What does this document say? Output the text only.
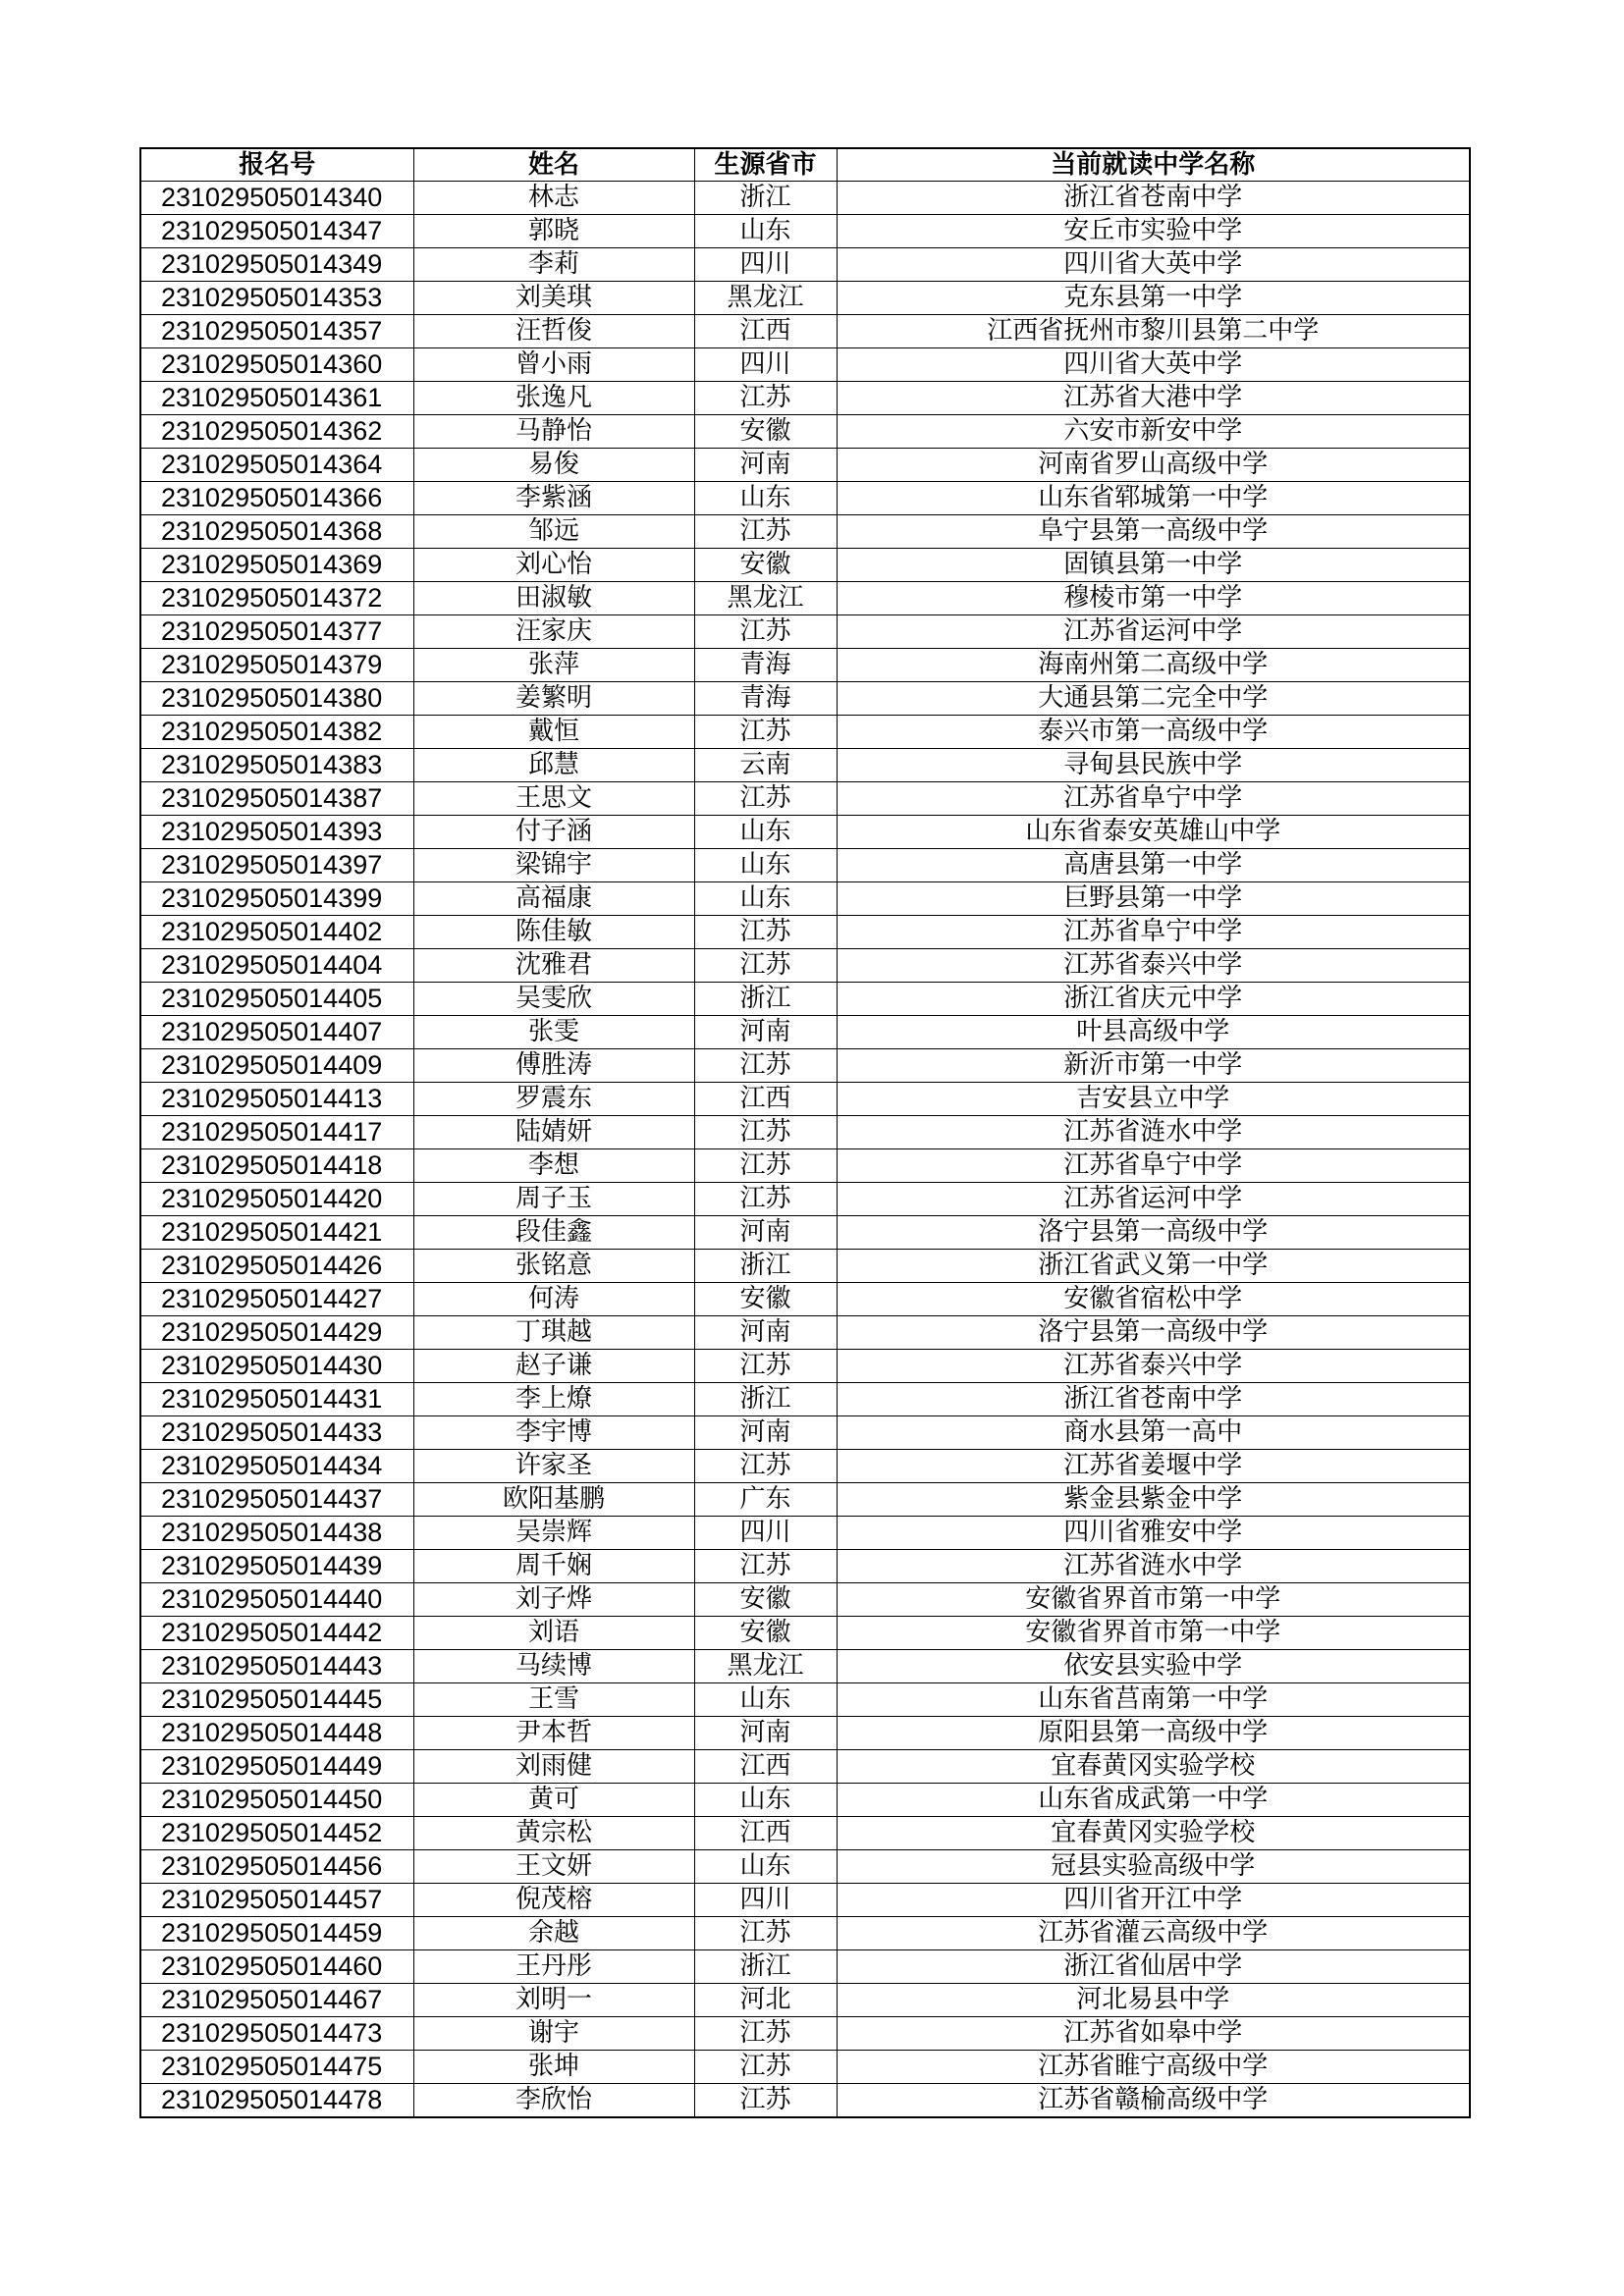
报名号	姓名	生源省市	当前就读中学名称
231029505014340	林志	浙江	浙江省苍南中学
231029505014347	郭晓	山东	安丘市实验中学
231029505014349	李莉	四川	四川省大英中学
231029505014353	刘美琪	黑龙江	克东县第一中学
231029505014357	汪哲俊	江西	江西省抚州市黎川县第二中学
231029505014360	曾小雨	四川	四川省大英中学
231029505014361	张逸凡	江苏	江苏省大港中学
231029505014362	马静怡	安徽	六安市新安中学
231029505014364	易俊	河南	河南省罗山高级中学
231029505014366	李紫涵	山东	山东省郓城第一中学
231029505014368	邹远	江苏	阜宁县第一高级中学
231029505014369	刘心怡	安徽	固镇县第一中学
231029505014372	田淑敏	黑龙江	穆棱市第一中学
231029505014377	汪家庆	江苏	江苏省运河中学
231029505014379	张萍	青海	海南州第二高级中学
231029505014380	姜繁明	青海	大通县第二完全中学
231029505014382	戴恒	江苏	泰兴市第一高级中学
231029505014383	邱慧	云南	寻甸县民族中学
231029505014387	王思文	江苏	江苏省阜宁中学
231029505014393	付子涵	山东	山东省泰安英雄山中学
231029505014397	梁锦宇	山东	高唐县第一中学
231029505014399	高福康	山东	巨野县第一中学
231029505014402	陈佳敏	江苏	江苏省阜宁中学
231029505014404	沈雅君	江苏	江苏省泰兴中学
231029505014405	吴雯欣	浙江	浙江省庆元中学
231029505014407	张雯	河南	叶县高级中学
231029505014409	傅胜涛	江苏	新沂市第一中学
231029505014413	罗震东	江西	吉安县立中学
231029505014417	陆婧妍	江苏	江苏省涟水中学
231029505014418	李想	江苏	江苏省阜宁中学
231029505014420	周子玉	江苏	江苏省运河中学
231029505014421	段佳鑫	河南	洛宁县第一高级中学
231029505014426	张铭意	浙江	浙江省武义第一中学
231029505014427	何涛	安徽	安徽省宿松中学
231029505014429	丁琪越	河南	洛宁县第一高级中学
231029505014430	赵子谦	江苏	江苏省泰兴中学
231029505014431	李上燎	浙江	浙江省苍南中学
231029505014433	李宇博	河南	商水县第一高中
231029505014434	许家圣	江苏	江苏省姜堰中学
231029505014437	欧阳基鹏	广东	紫金县紫金中学
231029505014438	吴崇辉	四川	四川省雅安中学
231029505014439	周千娴	江苏	江苏省涟水中学
231029505014440	刘子烨	安徽	安徽省界首市第一中学
231029505014442	刘语	安徽	安徽省界首市第一中学
231029505014443	马续博	黑龙江	依安县实验中学
231029505014445	王雪	山东	山东省莒南第一中学
231029505014448	尹本哲	河南	原阳县第一高级中学
231029505014449	刘雨健	江西	宜春黄冈实验学校
231029505014450	黄可	山东	山东省成武第一中学
231029505014452	黄宗松	江西	宜春黄冈实验学校
231029505014456	王文妍	山东	冠县实验高级中学
231029505014457	倪茂榕	四川	四川省开江中学
231029505014459	余越	江苏	江苏省灌云高级中学
231029505014460	王丹彤	浙江	浙江省仙居中学
231029505014467	刘明一	河北	河北易县中学
231029505014473	谢宇	江苏	江苏省如皋中学
231029505014475	张坤	江苏	江苏省睢宁高级中学
231029505014478	李欣怡	江苏	江苏省赣榆高级中学
